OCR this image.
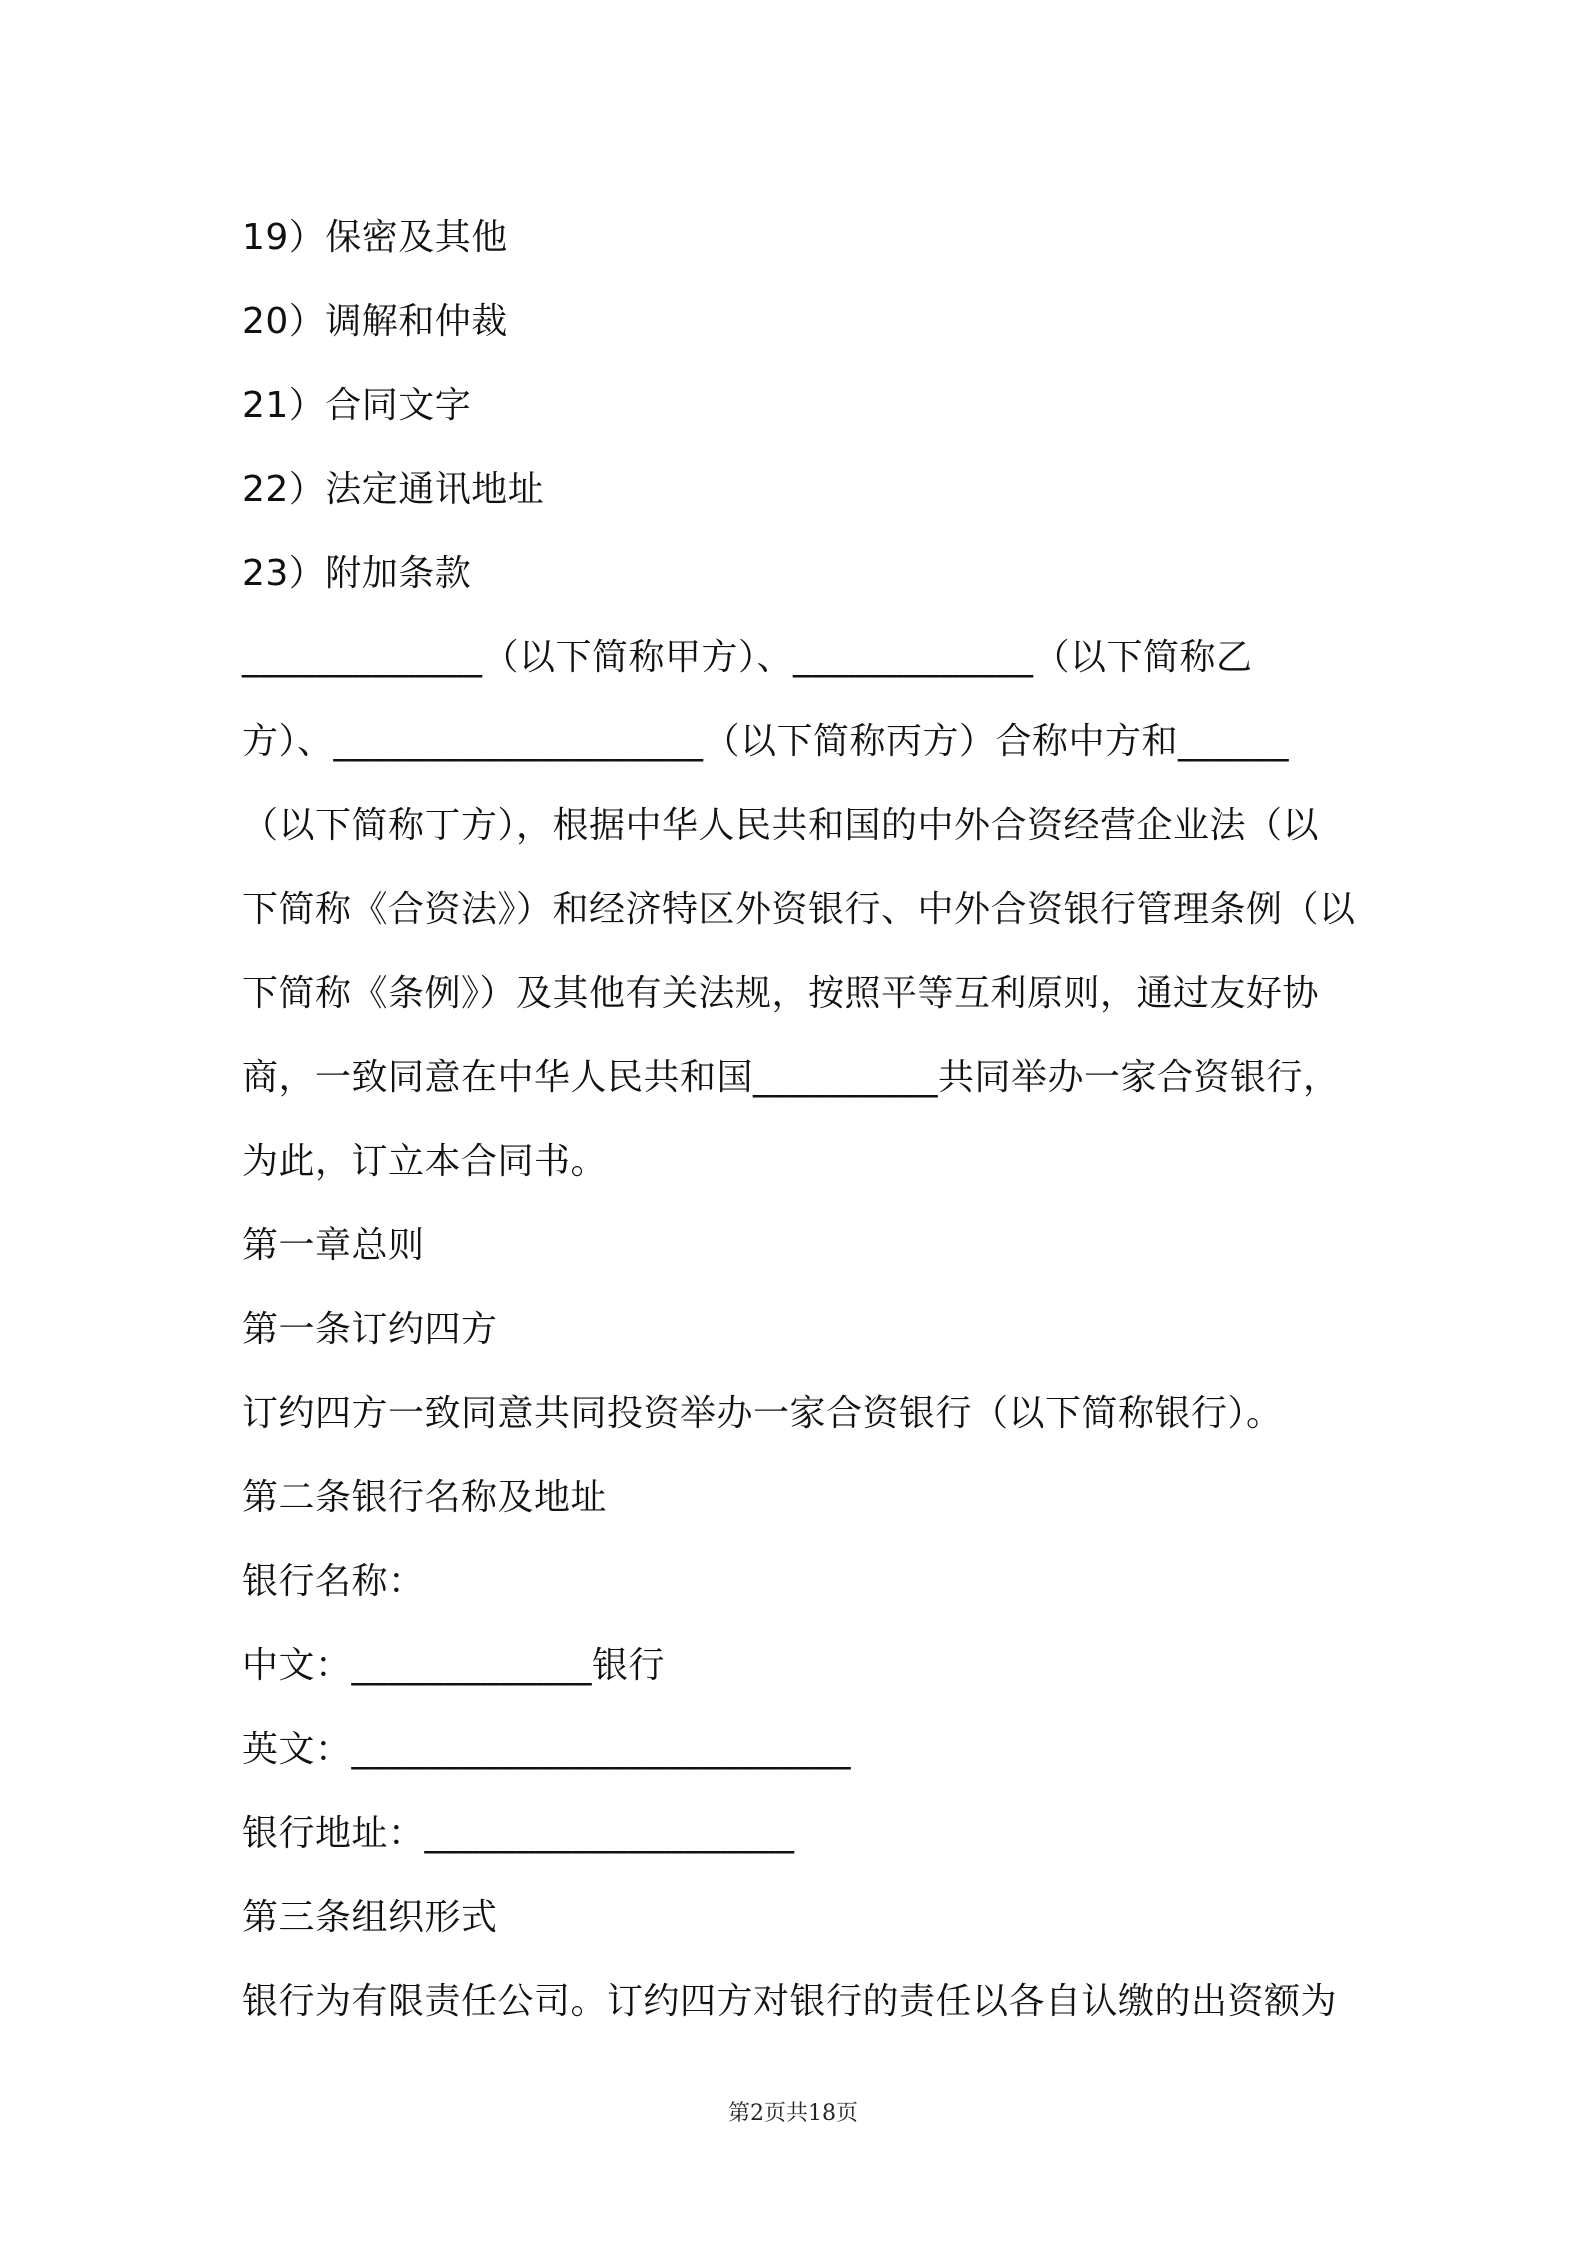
19）保密及其他
20）调解和仲裁
21）合同文字
22）法定通讯地址
23）附加条款
_____________（以下简称甲方）、_____________（以下简称乙
方）、____________________（以下简称丙方）合称中方和______
（以下简称丁方），根据中华人民共和国的中外合资经营企业法（以
下简称《合资法》）和经济特区外资银行、中外合资银行管理条例（以
下简称《条例》）及其他有关法规，按照平等互利原则，通过友好协
商，一致同意在中华人民共和国__________共同举办一家合资银行，
为此，订立本合同书。
第一章总则
第一条订约四方
订约四方一致同意共同投资举办一家合资银行（以下简称银行）。
第二条银行名称及地址
银行名称：
中文：_____________银行
英文：___________________________
银行地址：____________________
第三条组织形式
银行为有限责任公司。订约四方对银行的责任以各自认缴的出资额为
第2页共18页
